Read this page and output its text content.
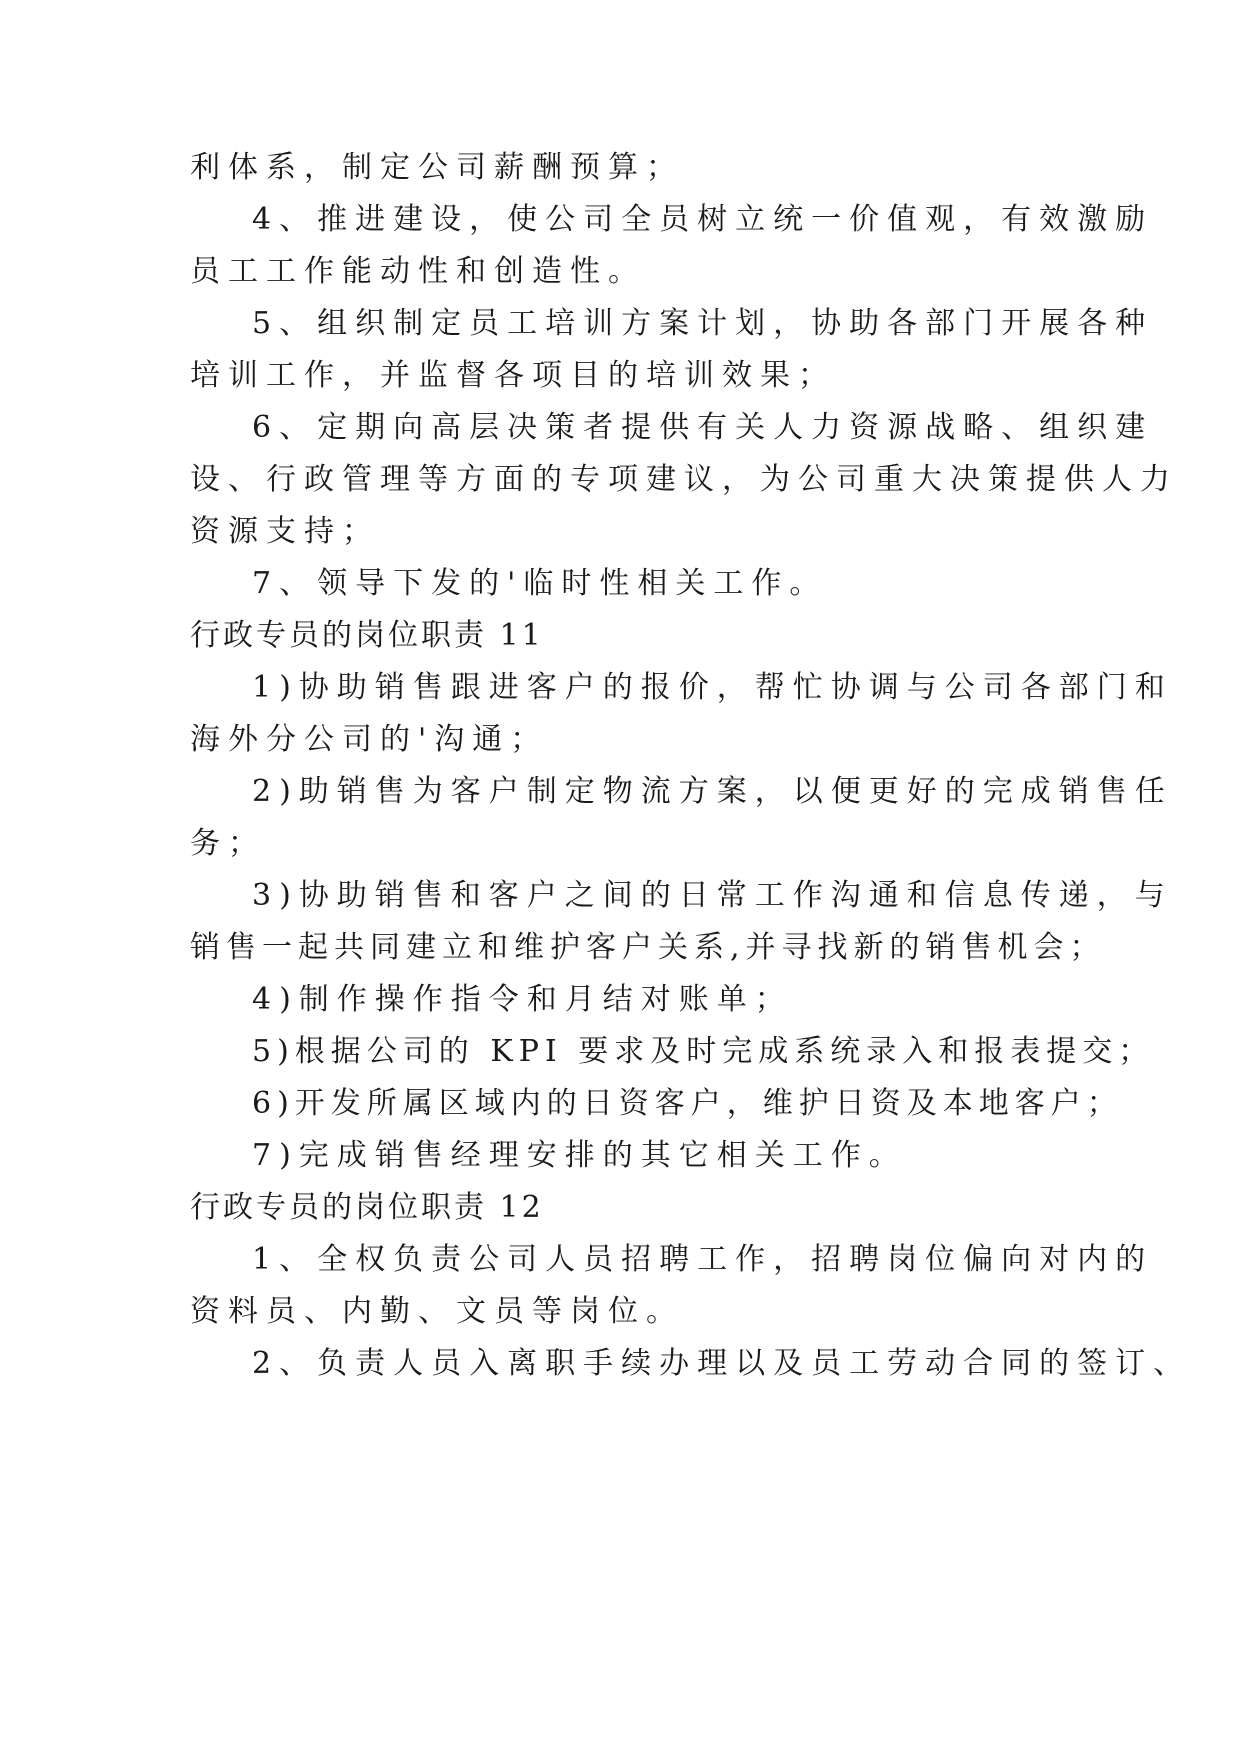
利体系，制定公司薪酬预算；
4、推进建设，使公司全员树立统一价值观，有效激励
员工工作能动性和创造性。
5、组织制定员工培训方案计划，协助各部门开展各种
培训工作，并监督各项目的培训效果；
6、定期向高层决策者提供有关人力资源战略、组织建
设、行政管理等方面的专项建议，为公司重大决策提供人力
资源支持；
7、领导下发的'临时性相关工作。
行政专员的岗位职责 11
1)协助销售跟进客户的报价，帮忙协调与公司各部门和
海外分公司的'沟通；
2)助销售为客户制定物流方案，以便更好的完成销售任
务；
3)协助销售和客户之间的日常工作沟通和信息传递，与
销售一起共同建立和维护客户关系,并寻找新的销售机会；
4)制作操作指令和月结对账单；
5)根据公司的 KPI 要求及时完成系统录入和报表提交；
6)开发所属区域内的日资客户，维护日资及本地客户；
7)完成销售经理安排的其它相关工作。
行政专员的岗位职责 12
1、全权负责公司人员招聘工作，招聘岗位偏向对内的
资料员、内勤、文员等岗位。
2、负责人员入离职手续办理以及员工劳动合同的签订、
